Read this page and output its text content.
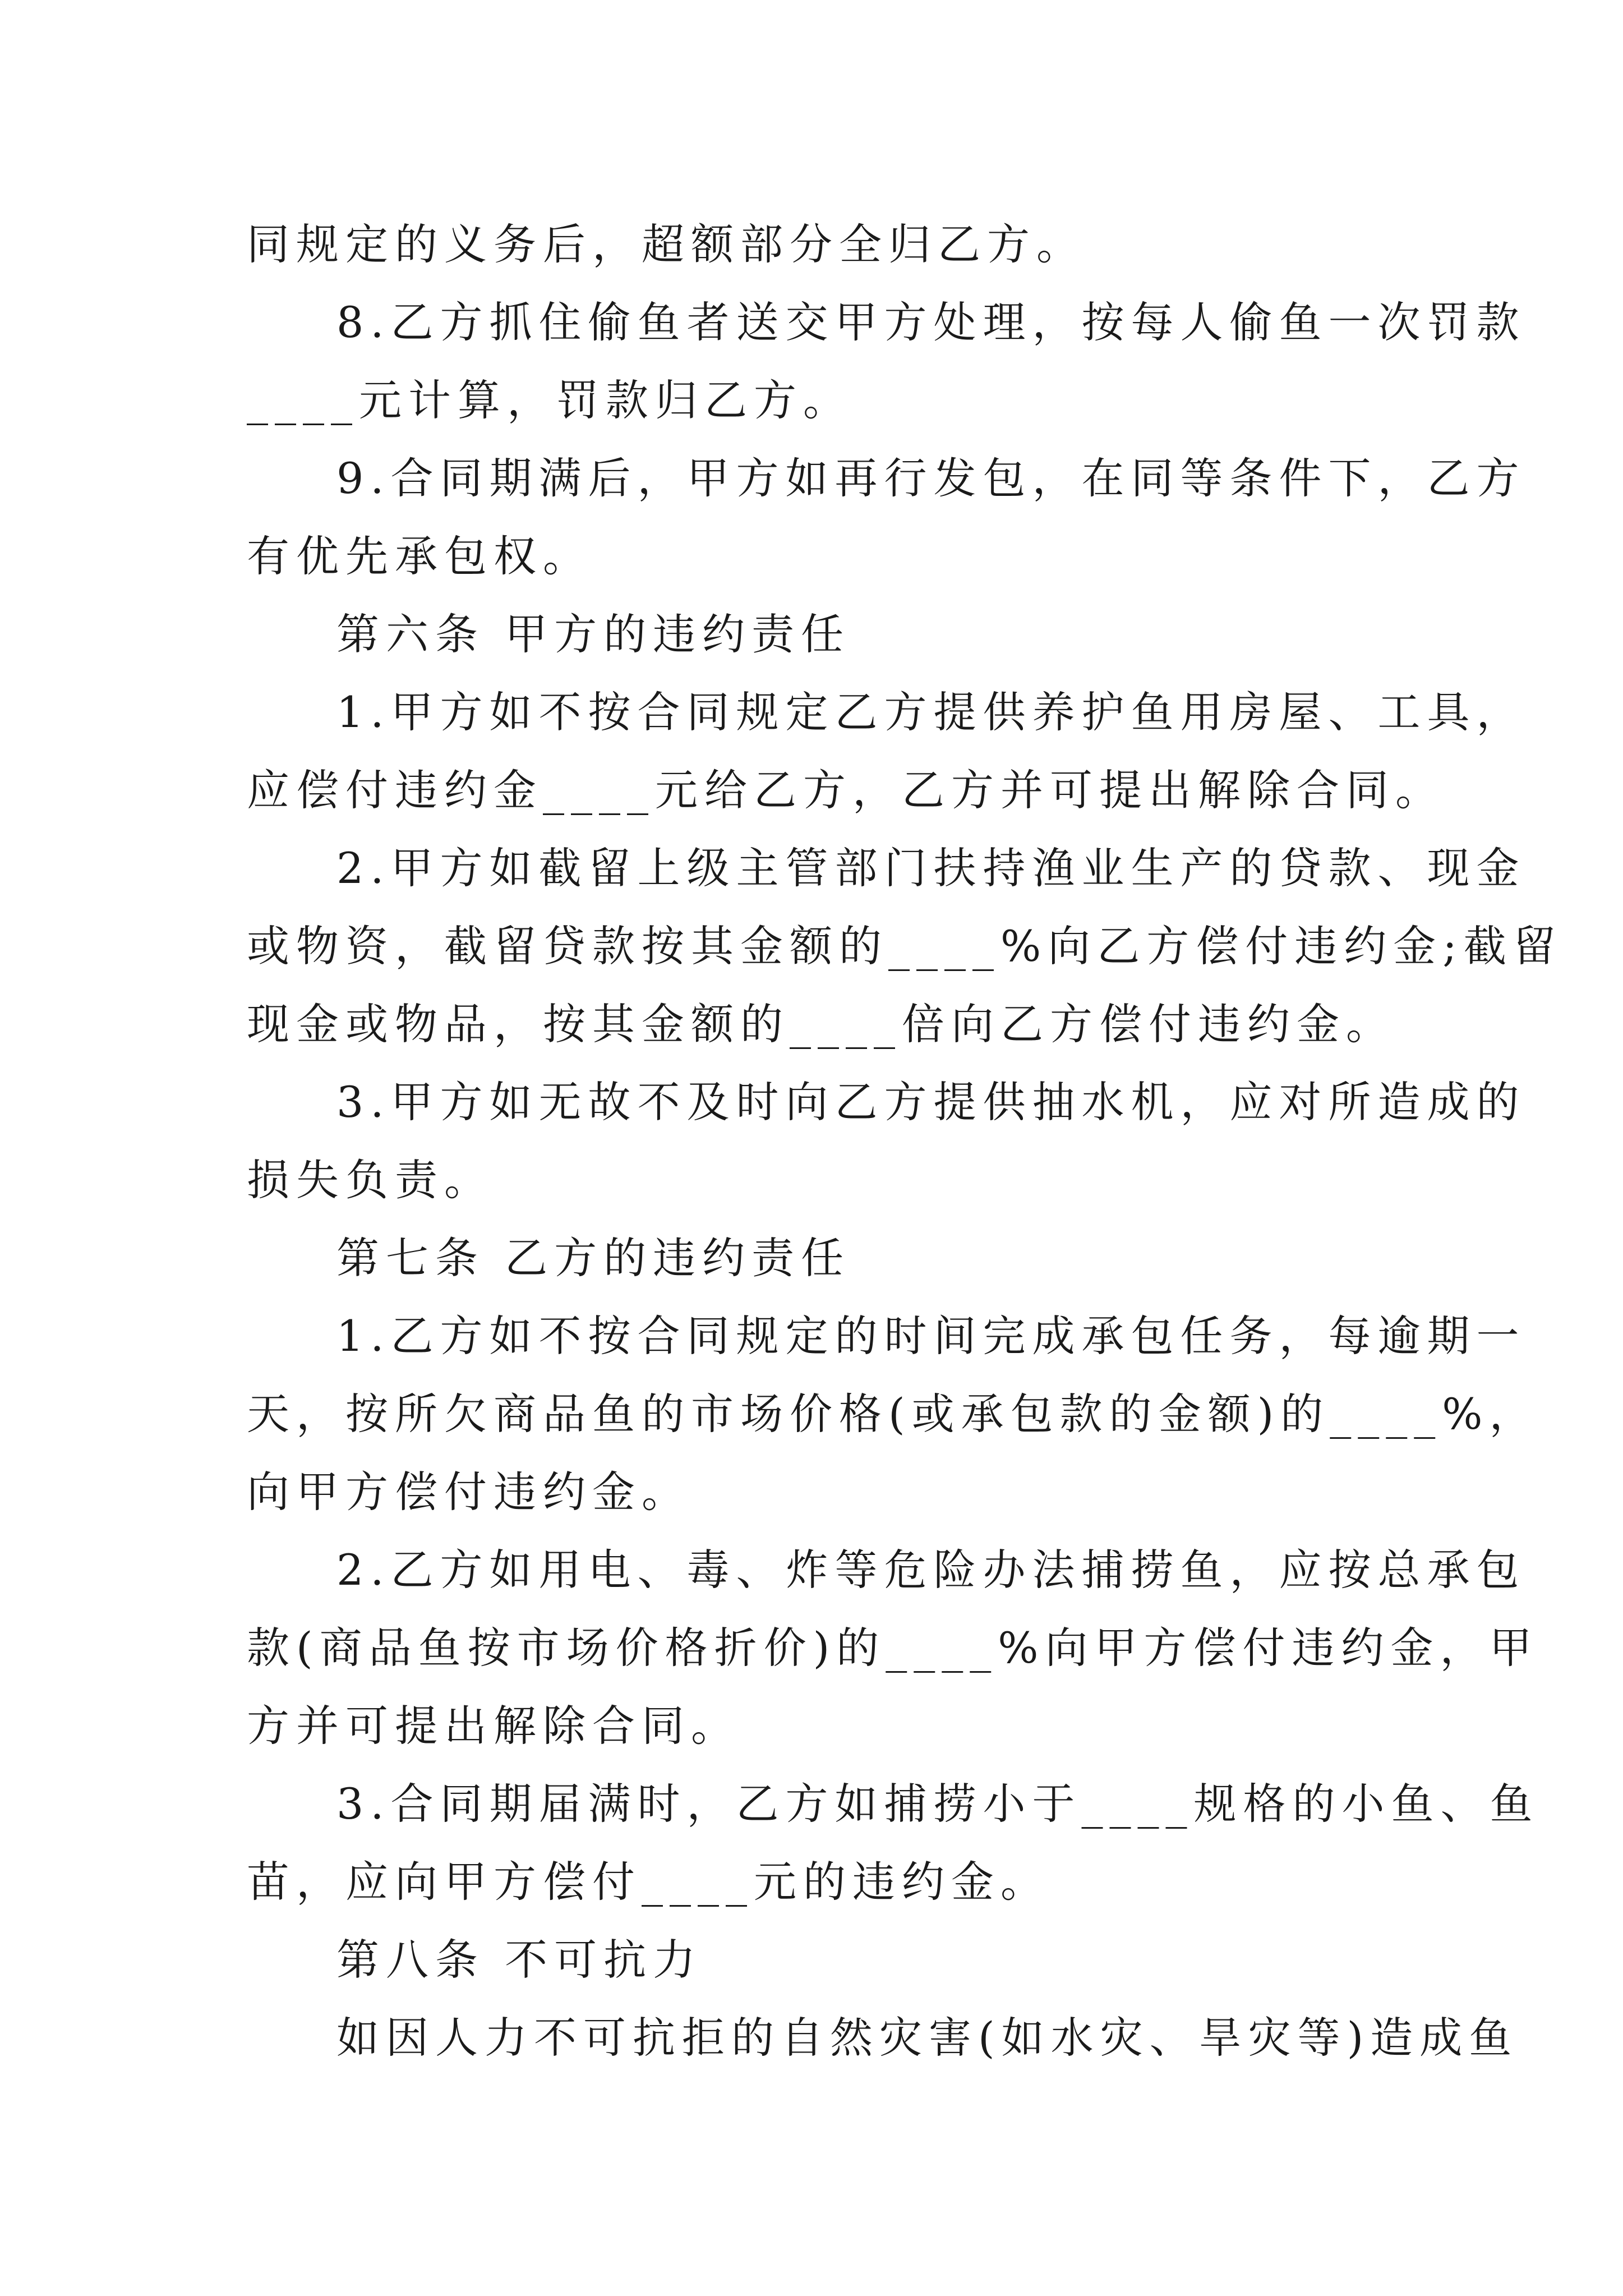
同规定的义务后，超额部分全归乙方。
8.乙方抓住偷鱼者送交甲方处理，按每人偷鱼一次罚款
____元计算，罚款归乙方。
9.合同期满后，甲方如再行发包，在同等条件下，乙方
有优先承包权。
第六条 甲方的违约责任
1.甲方如不按合同规定乙方提供养护鱼用房屋、工具，
应偿付违约金____元给乙方，乙方并可提出解除合同。
2.甲方如截留上级主管部门扶持渔业生产的贷款、现金
或物资，截留贷款按其金额的____%向乙方偿付违约金;截留
现金或物品，按其金额的____倍向乙方偿付违约金。
3.甲方如无故不及时向乙方提供抽水机，应对所造成的
损失负责。
第七条 乙方的违约责任
1.乙方如不按合同规定的时间完成承包任务，每逾期一
天，按所欠商品鱼的市场价格(或承包款的金额)的____%，
向甲方偿付违约金。
2.乙方如用电、毒、炸等危险办法捕捞鱼，应按总承包
款(商品鱼按市场价格折价)的____%向甲方偿付违约金，甲
方并可提出解除合同。
3.合同期届满时，乙方如捕捞小于____规格的小鱼、鱼
苗，应向甲方偿付____元的违约金。
第八条 不可抗力
如因人力不可抗拒的自然灾害(如水灾、旱灾等)造成鱼
